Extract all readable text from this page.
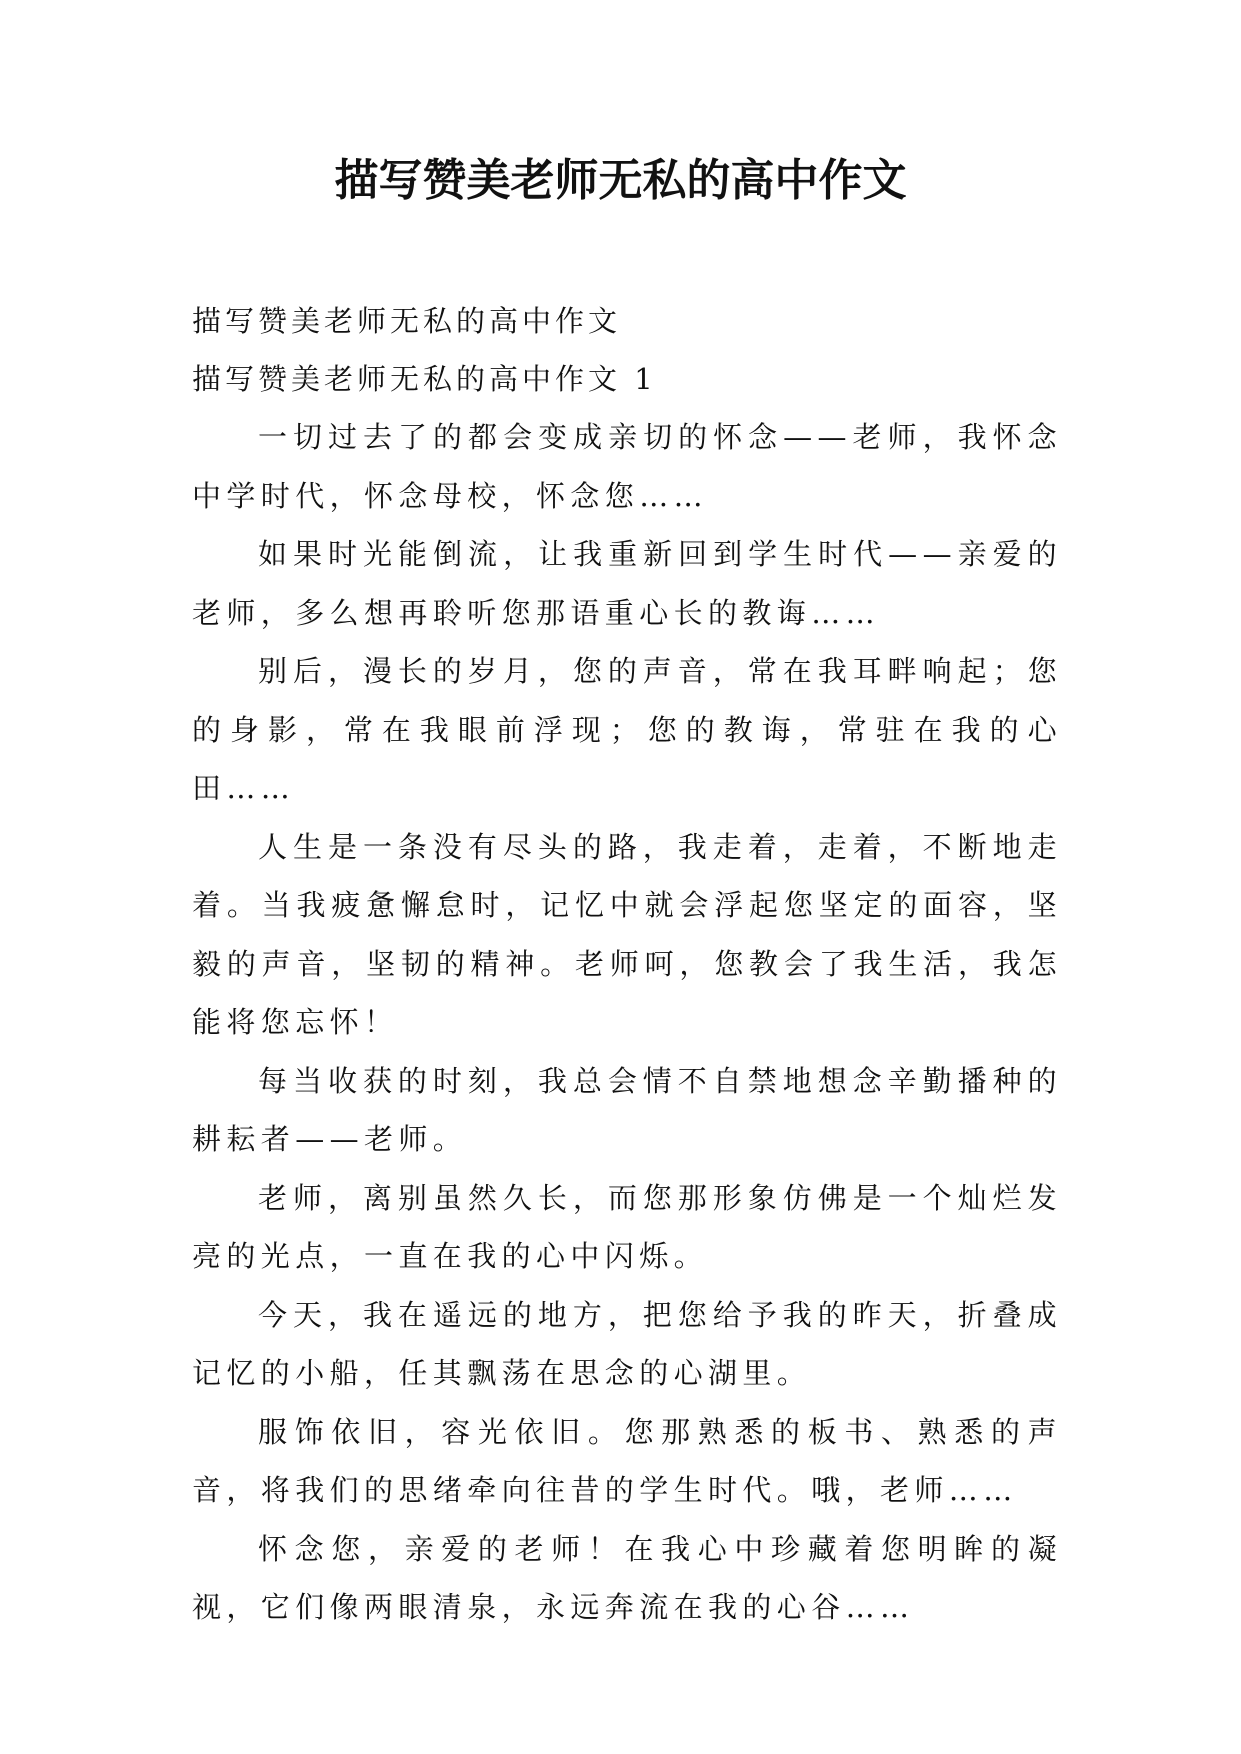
描写赞美老师无私的高中作文

描写赞美老师无私的高中作文

描写赞美老师无私的高中作文 1

一切过去了的都会变成亲切的怀念——老师，我怀念中学时代，怀念母校，怀念您……

如果时光能倒流，让我重新回到学生时代——亲爱的老师，多么想再聆听您那语重心长的教诲……

别后，漫长的岁月，您的声音，常在我耳畔响起；您的身影，常在我眼前浮现；您的教诲，常驻在我的心田……

人生是一条没有尽头的路，我走着，走着，不断地走着。当我疲惫懈怠时，记忆中就会浮起您坚定的面容，坚毅的声音，坚韧的精神。老师呵，您教会了我生活，我怎能将您忘怀！

每当收获的时刻，我总会情不自禁地想念辛勤播种的耕耘者——老师。

老师，离别虽然久长，而您那形象仿佛是一个灿烂发亮的光点，一直在我的心中闪烁。

今天，我在遥远的地方，把您给予我的昨天，折叠成记忆的小船，任其飘荡在思念的心湖里。

服饰依旧，容光依旧。您那熟悉的板书、熟悉的声音，将我们的思绪牵向往昔的学生时代。哦，老师……

怀念您，亲爱的老师！在我心中珍藏着您明眸的凝视，它们像两眼清泉，永远奔流在我的心谷……
